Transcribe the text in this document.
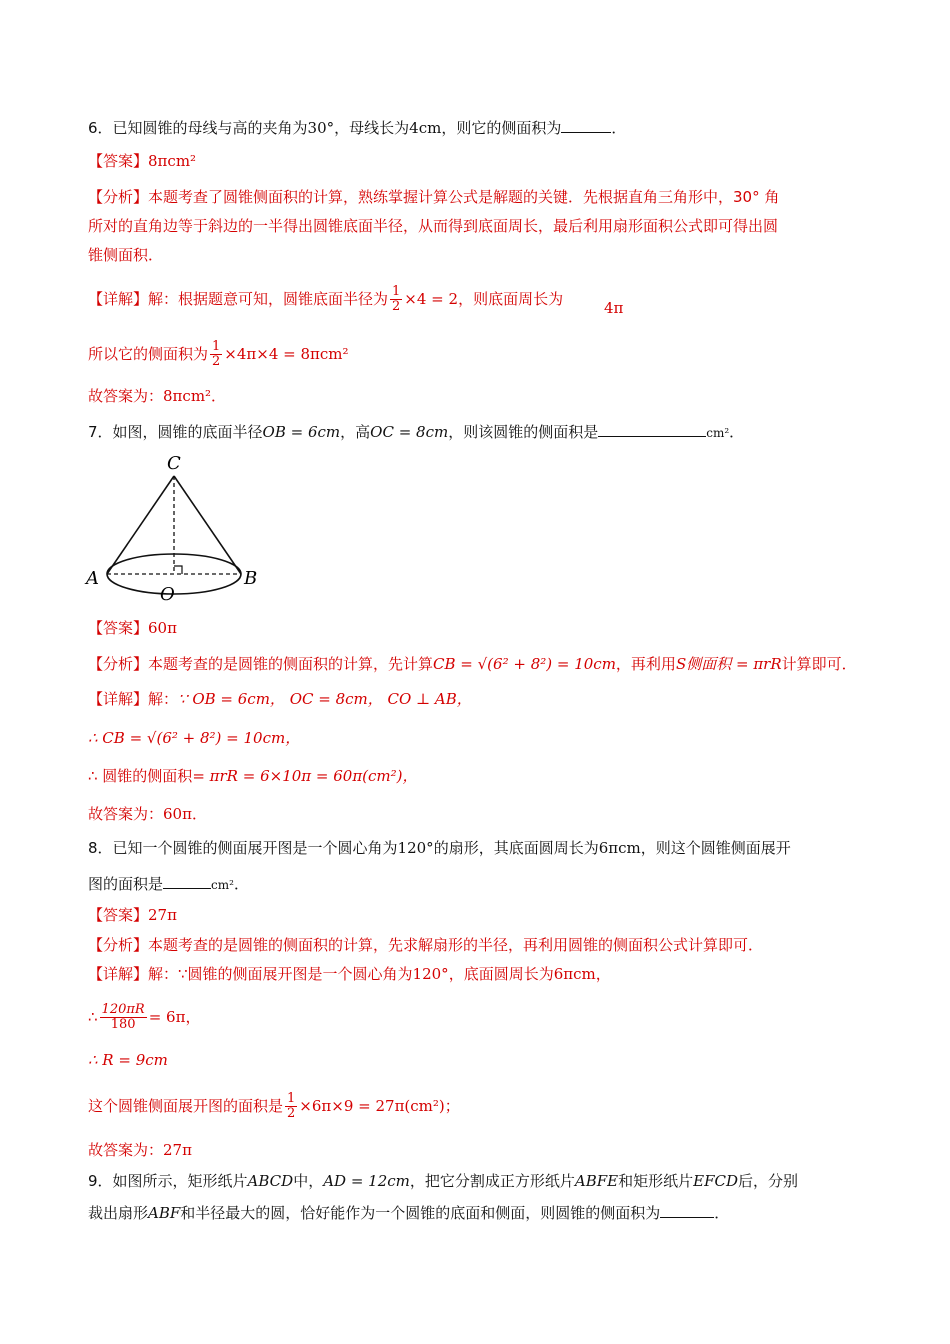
6．已知圆锥的母线与高的夹角为30°，母线长为4cm，则它的侧面积为	．
【答案】8πcm²
【分析】本题考查了圆锥侧面积的计算，熟练掌握计算公式是解题的关键．先根据直角三角形中，30° 角
所对的直角边等于斜边的一半得出圆锥底面半径，从而得到底面周长，最后利用扇形面积公式即可得出圆
锥侧面积．
【详解】解：根据题意可知，圆锥底面半径为 $\frac{1}{2} \times 4 = 2$，则底面周长为	4π
所以它的侧面积为 $\frac{1}{2} \times 4\pi\times 4 = 8\pi cm^2$
故答案为：8πcm²．
7．如图，圆锥的底面半径OB = 6cm，高OC = 8cm，则该圆锥的侧面积是	cm²．
C
A	B
O
【答案】60π
【分析】本题考查的是圆锥的侧面积的计算，先计算CB = √(6² + 8²) = 10cm，再利用S侧面积 = πrR计算即可．
【详解】解：∵ OB = 6cm， OC = 8cm， CO ⊥ AB，
∴ CB = √(6² + 8²) = 10cm，
∴ 圆锥的侧面积= πrR = 6×10π = 60π(cm²)，
故答案为：60π．
8．已知一个圆锥的侧面展开图是一个圆心角为120°的扇形，其底面圆周长为6πcm，则这个圆锥侧面展开
图的面积是	cm²．
【答案】27π
【分析】本题考查的是圆锥的侧面积的计算，先求解扇形的半径，再利用圆锥的侧面积公式计算即可．
【详解】解：∵圆锥的侧面展开图是一个圆心角为120°，底面圆周长为6πcm，
∴ $\frac{120\pi R}{180} = 6\pi$，
∴ R = 9cm
这个圆锥侧面展开图的面积是 $\frac{1}{2} \times 6\pi\times 9 = 27\pi(cm^2)$；
故答案为：27π
9．如图所示，矩形纸片ABCD中，AD = 12cm，把它分割成正方形纸片ABFE和矩形纸片EFCD后，分别
裁出扇形ABF和半径最大的圆，恰好能作为一个圆锥的底面和侧面，则圆锥的侧面积为	．
